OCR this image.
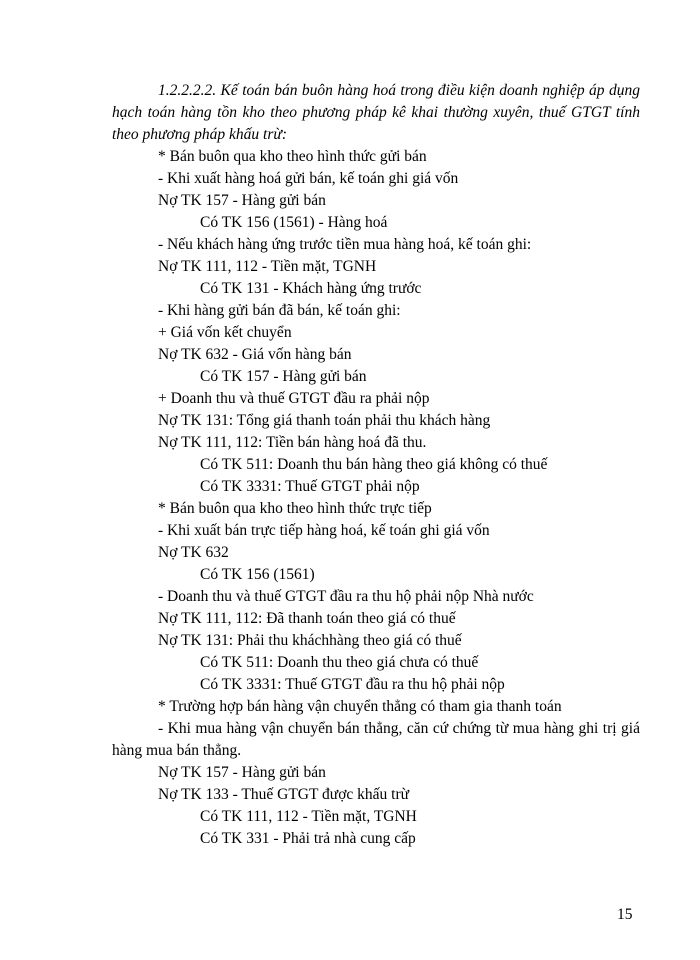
1.2.2.2.2. Kế toán bán buôn hàng hoá trong điều kiện doanh nghiệp áp dụng hạch toán hàng tồn kho theo phương pháp kê khai thường xuyên, thuế GTGT tính theo phương pháp khấu trừ:
* Bán buôn qua kho theo hình thức gửi bán
- Khi xuất hàng hoá gửi bán, kế toán ghi giá vốn
Nợ TK 157 - Hàng gửi bán
Có TK 156 (1561) - Hàng hoá
- Nếu khách hàng ứng trước tiền mua hàng hoá, kế toán ghi:
Nợ TK 111, 112 - Tiền mặt, TGNH
Có TK 131 - Khách hàng ứng trước
- Khi hàng gửi bán đã bán, kế toán ghi:
+ Giá vốn kết chuyển
Nợ TK 632 - Giá vốn hàng bán
Có TK 157 - Hàng gửi bán
+ Doanh thu và thuế GTGT đầu ra phải nộp
Nợ TK 131: Tổng giá thanh toán phải thu khách hàng
Nợ TK 111, 112: Tiền bán hàng hoá đã thu.
Có TK 511: Doanh thu bán hàng theo giá không có thuế
Có TK 3331: Thuế GTGT phải nộp
* Bán buôn qua kho theo hình thức trực tiếp
- Khi xuất bán trực tiếp hàng hoá, kế toán ghi giá vốn
Nợ TK 632
Có TK 156 (1561)
- Doanh thu và thuế GTGT đầu ra thu hộ phải nộp Nhà nước
Nợ TK 111, 112: Đã thanh toán theo giá có thuế
Nợ TK 131: Phải thu kháchhàng theo giá có thuế
Có TK 511: Doanh thu theo giá chưa có thuế
Có TK 3331: Thuế GTGT đầu ra thu hộ phải nộp
* Trường hợp bán hàng vận chuyển thẳng có tham gia thanh toán
- Khi mua hàng vận chuyển bán thẳng, căn cứ chứng từ mua hàng ghi trị giá hàng mua bán thẳng.
Nợ TK 157 - Hàng gửi bán
Nợ TK 133 - Thuế GTGT được khấu trừ
Có TK 111, 112 - Tiền mặt, TGNH
Có TK 331 - Phải trả nhà cung cấp
15
